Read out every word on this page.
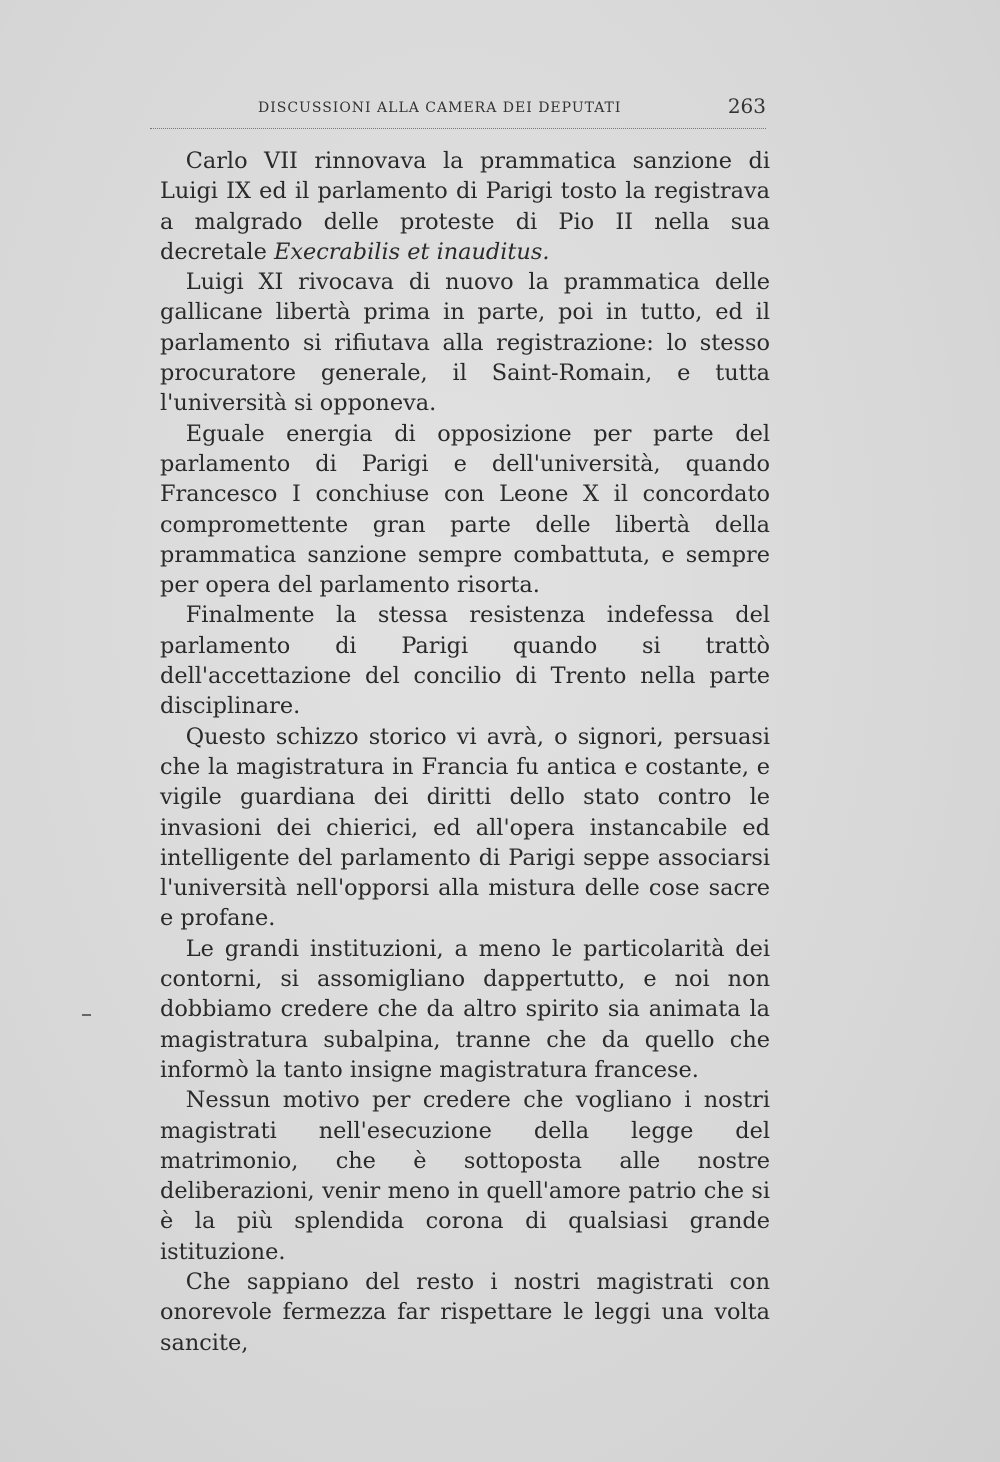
DISCUSSIONI ALLA CAMERA DEI DEPUTATI	263

Carlo VII rinnovava la prammatica sanzione di Luigi IX ed il parlamento di Parigi tosto la registrava a malgrado delle proteste di Pio II nella sua decretale Execrabilis et inauditus.

Luigi XI rivocava di nuovo la prammatica delle gallicane libertà prima in parte, poi in tutto, ed il parlamento si rifiutava alla registrazione: lo stesso procuratore generale, il Saint-Romain, e tutta l'università si opponeva.

Eguale energia di opposizione per parte del parlamento di Parigi e dell'università, quando Francesco I conchiuse con Leone X il concordato compromettente gran parte delle libertà della prammatica sanzione sempre combattuta, e sempre per opera del parlamento risorta.

Finalmente la stessa resistenza indefessa del parlamento di Parigi quando si trattò dell'accettazione del concilio di Trento nella parte disciplinare.

Questo schizzo storico vi avrà, o signori, persuasi che la magistratura in Francia fu antica e costante, e vigile guardiana dei diritti dello stato contro le invasioni dei chierici, ed all'opera instancabile ed intelligente del parlamento di Parigi seppe associarsi l'università nell'opporsi alla mistura delle cose sacre e profane.

Le grandi instituzioni, a meno le particolarità dei contorni, si assomigliano dappertutto, e noi non dobbiamo credere che da altro spirito sia animata la magistratura subalpina, tranne che da quello che informò la tanto insigne magistratura francese.

Nessun motivo per credere che vogliano i nostri magistrati nell'esecuzione della legge del matrimonio, che è sottoposta alle nostre deliberazioni, venir meno in quell'amore patrio che si è la più splendida corona di qualsiasi grande istituzione.

Che sappiano del resto i nostri magistrati con onorevole fermezza far rispettare le leggi una volta sancite,
